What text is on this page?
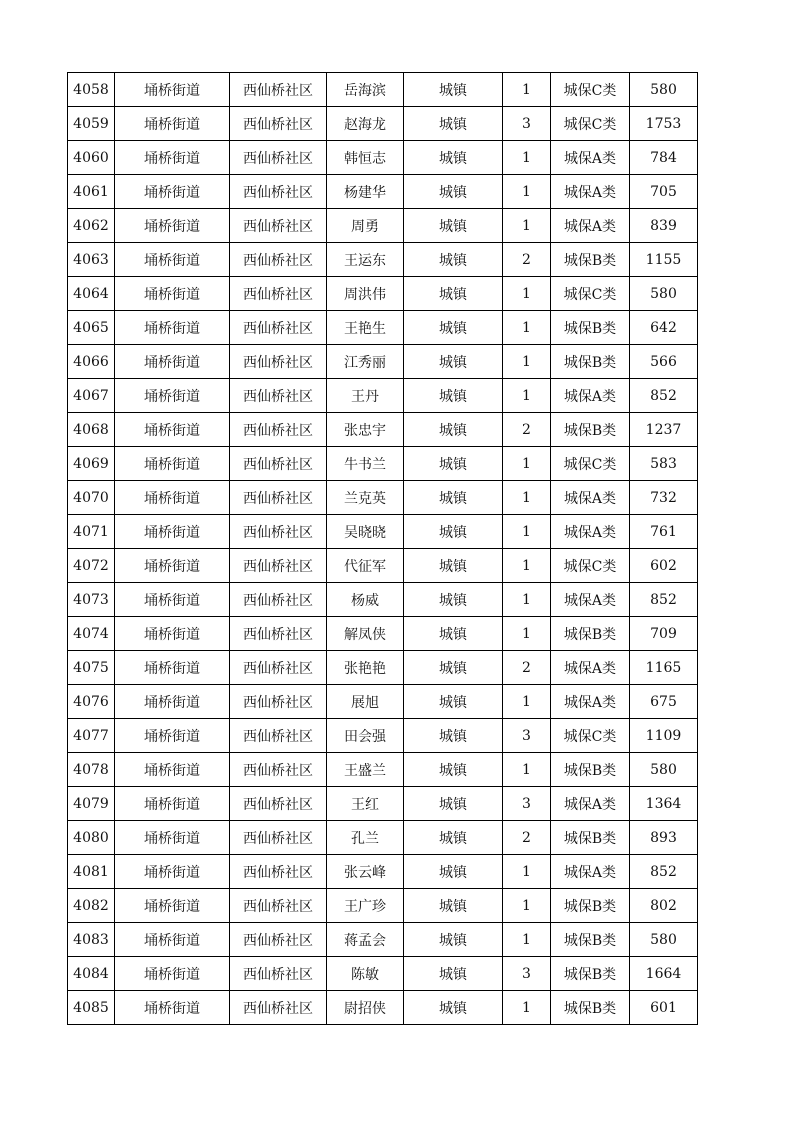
4058	埇桥街道	西仙桥社区	岳海滨	城镇	1	城保C类	580
4059	埇桥街道	西仙桥社区	赵海龙	城镇	3	城保C类	1753
4060	埇桥街道	西仙桥社区	韩恒志	城镇	1	城保A类	784
4061	埇桥街道	西仙桥社区	杨建华	城镇	1	城保A类	705
4062	埇桥街道	西仙桥社区	周勇	城镇	1	城保A类	839
4063	埇桥街道	西仙桥社区	王运东	城镇	2	城保B类	1155
4064	埇桥街道	西仙桥社区	周洪伟	城镇	1	城保C类	580
4065	埇桥街道	西仙桥社区	王艳生	城镇	1	城保B类	642
4066	埇桥街道	西仙桥社区	江秀丽	城镇	1	城保B类	566
4067	埇桥街道	西仙桥社区	王丹	城镇	1	城保A类	852
4068	埇桥街道	西仙桥社区	张忠宇	城镇	2	城保B类	1237
4069	埇桥街道	西仙桥社区	牛书兰	城镇	1	城保C类	583
4070	埇桥街道	西仙桥社区	兰克英	城镇	1	城保A类	732
4071	埇桥街道	西仙桥社区	吴晓晓	城镇	1	城保A类	761
4072	埇桥街道	西仙桥社区	代征军	城镇	1	城保C类	602
4073	埇桥街道	西仙桥社区	杨威	城镇	1	城保A类	852
4074	埇桥街道	西仙桥社区	解凤侠	城镇	1	城保B类	709
4075	埇桥街道	西仙桥社区	张艳艳	城镇	2	城保A类	1165
4076	埇桥街道	西仙桥社区	展旭	城镇	1	城保A类	675
4077	埇桥街道	西仙桥社区	田会强	城镇	3	城保C类	1109
4078	埇桥街道	西仙桥社区	王盛兰	城镇	1	城保B类	580
4079	埇桥街道	西仙桥社区	王红	城镇	3	城保A类	1364
4080	埇桥街道	西仙桥社区	孔兰	城镇	2	城保B类	893
4081	埇桥街道	西仙桥社区	张云峰	城镇	1	城保A类	852
4082	埇桥街道	西仙桥社区	王广珍	城镇	1	城保B类	802
4083	埇桥街道	西仙桥社区	蒋孟会	城镇	1	城保B类	580
4084	埇桥街道	西仙桥社区	陈敏	城镇	3	城保B类	1664
4085	埇桥街道	西仙桥社区	尉招侠	城镇	1	城保B类	601
